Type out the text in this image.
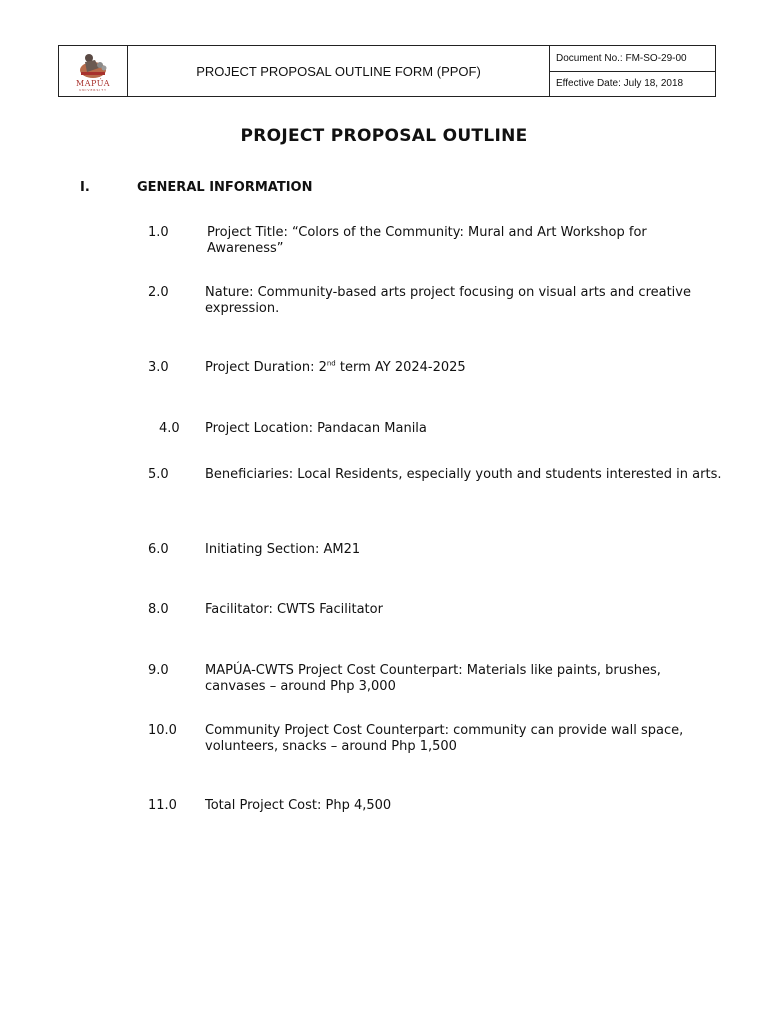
MAPÚA
UNIVERSITY
PROJECT PROPOSAL OUTLINE FORM (PPOF)
Document No.: FM-SO-29-00
Effective Date: July 18, 2018
PROJECT PROPOSAL OUTLINE
I.	GENERAL INFORMATION
1.0	Project Title: “Colors of the Community: Mural and Art Workshop for Awareness”
2.0	Nature: Community-based arts project focusing on visual arts and creative expression.
3.0	Project Duration: 2nd term AY 2024-2025
4.0 Project Location: Pandacan Manila
5.0	Beneficiaries: Local Residents, especially youth and students interested in arts.
6.0	Initiating Section: AM21
8.0	Facilitator: CWTS Facilitator
9.0	MAPÚA-CWTS Project Cost Counterpart: Materials like paints, brushes, canvases – around Php 3,000
10.0 Community Project Cost Counterpart: community can provide wall space, volunteers, snacks – around Php 1,500
11.0 Total Project Cost: Php 4,500
